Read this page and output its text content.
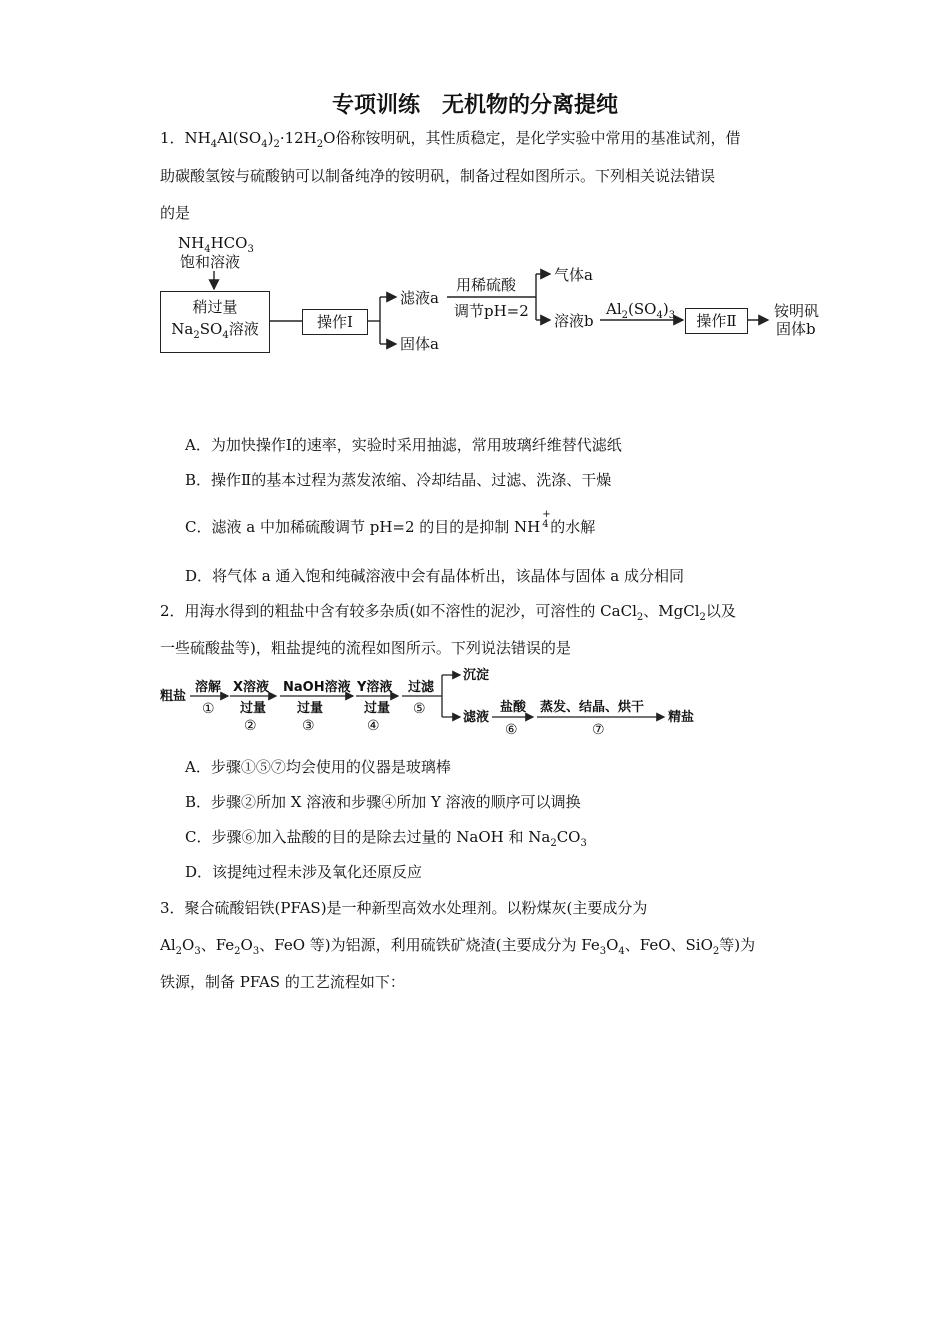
专项训练　无机物的分离提纯
1．$NH_4Al(SO_4)_2\cdot 12H_2O$俗称铵明矾，其性质稳定，是化学实验中常用的基准试剂，借
助碳酸氢铵与硫酸钠可以制备纯净的铵明矾，制备过程如图所示。下列相关说法错误
的是
$NH_4HCO_3$
饱和溶液
稍过量
$Na_2SO_4$溶液	操作Ⅰ
滤液a
固体a
用稀硫酸
调节pH=2
气体a
溶液b
$Al_2(SO_4)_3$	操作Ⅱ
铵明矾
固体b
A．为加快操作Ⅰ的速率，实验时采用抽滤，常用玻璃纤维替代滤纸
B．操作Ⅱ的基本过程为蒸发浓缩、冷却结晶、过滤、洗涤、干燥
C．滤液 a 中加稀硫酸调节 pH=2 的目的是抑制 NH
+
4 的水解
D．将气体 a 通入饱和纯碱溶液中会有晶体析出，该晶体与固体 a 成分相同
2．用海水得到的粗盐中含有较多杂质(如不溶性的泥沙，可溶性的 CaCl$_2$、MgCl$_2$以及
一些硫酸盐等)，粗盐提纯的流程如图所示。下列说法错误的是
粗盐
溶解
①
X溶液
过量
②
NaOH溶液
过量
③
Y溶液
过量
④
过滤
⑤
沉淀
滤液
盐酸
⑥
蒸发、结晶、烘干
⑦
精盐
A．步骤①⑤⑦均会使用的仪器是玻璃棒
B．步骤②所加 X 溶液和步骤④所加 Y 溶液的顺序可以调换
C．步骤⑥加入盐酸的目的是除去过量的 NaOH 和 $Na_2CO_3$
D．该提纯过程未涉及氧化还原反应
3．聚合硫酸铝铁(PFAS)是一种新型高效水处理剂。以粉煤灰(主要成分为
$Al_2O_3$、$Fe_2O_3$、FeO 等)为铝源，利用硫铁矿烧渣(主要成分为 $Fe_3O_4$、FeO、SiO$_2$等)为
铁源，制备 PFAS 的工艺流程如下：
